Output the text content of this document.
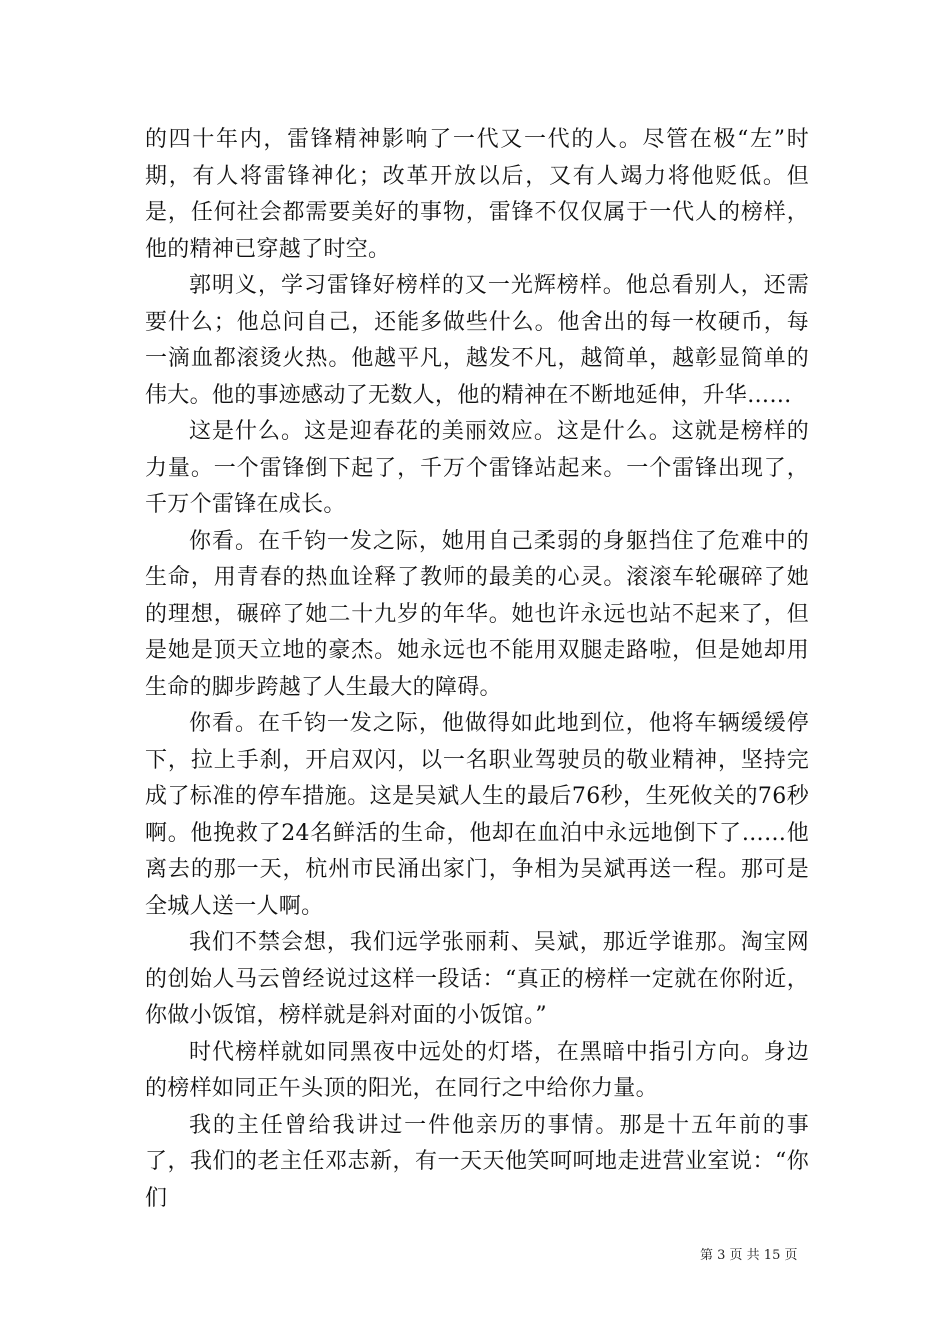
的四十年内，雷锋精神影响了一代又一代的人。尽管在极“左”时期，有人将雷锋神化；改革开放以后，又有人竭力将他贬低。但是，任何社会都需要美好的事物，雷锋不仅仅属于一代人的榜样，他的精神已穿越了时空。

郭明义，学习雷锋好榜样的又一光辉榜样。他总看别人，还需要什么；他总问自己，还能多做些什么。他舍出的每一枚硬币，每一滴血都滚烫火热。他越平凡，越发不凡，越简单，越彰显简单的伟大。他的事迹感动了无数人，他的精神在不断地延伸，升华……

这是什么。这是迎春花的美丽效应。这是什么。这就是榜样的力量。一个雷锋倒下起了，千万个雷锋站起来。一个雷锋出现了，千万个雷锋在成长。

你看。在千钧一发之际，她用自己柔弱的身躯挡住了危难中的生命，用青春的热血诠释了教师的最美的心灵。滚滚车轮碾碎了她的理想，碾碎了她二十九岁的年华。她也许永远也站不起来了，但是她是顶天立地的豪杰。她永远也不能用双腿走路啦，但是她却用生命的脚步跨越了人生最大的障碍。

你看。在千钧一发之际，他做得如此地到位，他将车辆缓缓停下，拉上手刹，开启双闪，以一名职业驾驶员的敬业精神，坚持完成了标准的停车措施。这是吴斌人生的最后76秒，生死攸关的76秒啊。他挽救了24名鲜活的生命，他却在血泊中永远地倒下了……他离去的那一天，杭州市民涌出家门，争相为吴斌再送一程。那可是全城人送一人啊。

我们不禁会想，我们远学张丽莉、吴斌，那近学谁那。淘宝网的创始人马云曾经说过这样一段话：“真正的榜样一定就在你附近，你做小饭馆，榜样就是斜对面的小饭馆。”

时代榜样就如同黑夜中远处的灯塔，在黑暗中指引方向。身边的榜样如同正午头顶的阳光，在同行之中给你力量。

我的主任曾给我讲过一件他亲历的事情。那是十五年前的事了，我们的老主任邓志新，有一天天他笑呵呵地走进营业室说：“你们

第 3 页 共 15 页
